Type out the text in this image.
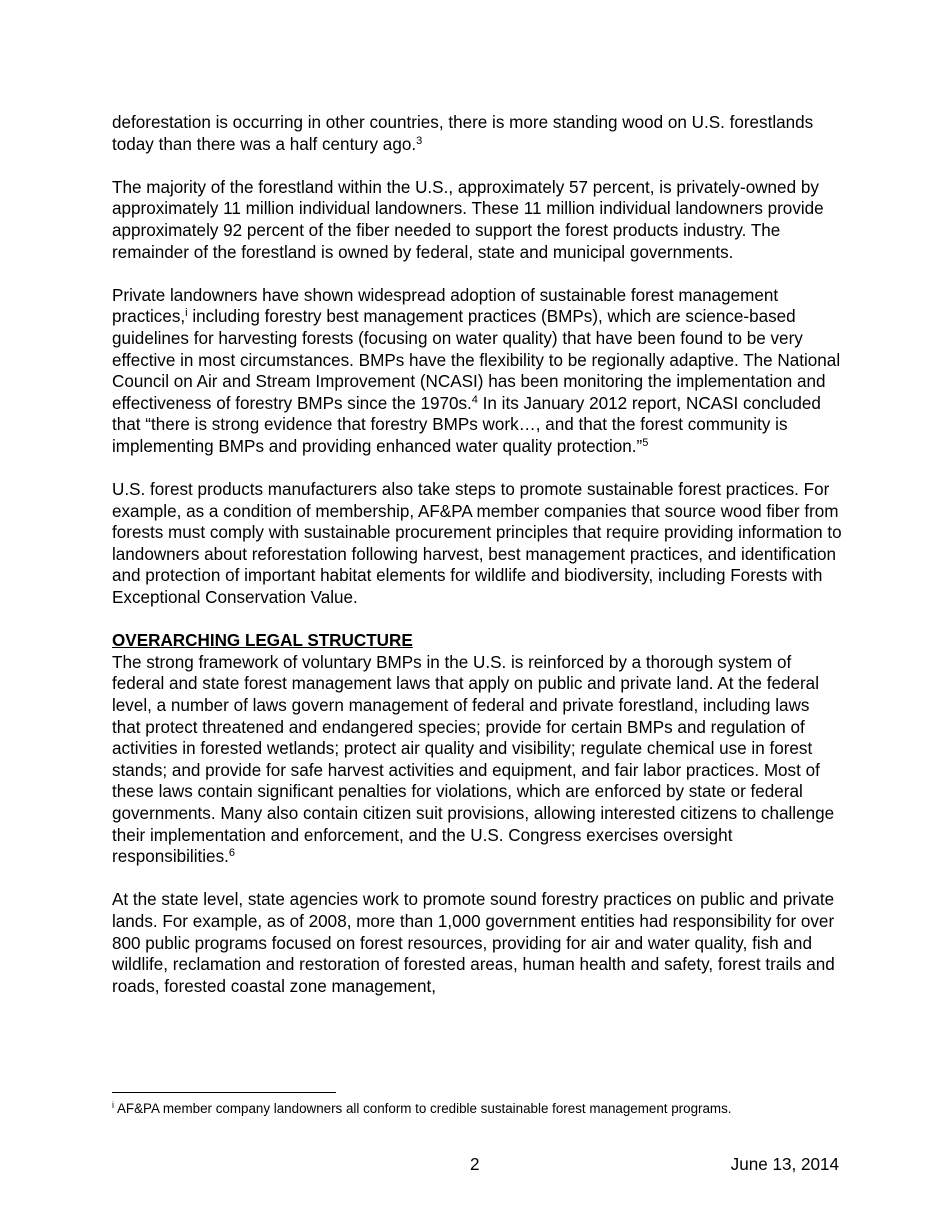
deforestation is occurring in other countries, there is more standing wood on U.S. forestlands today than there was a half century ago.$^3$

The majority of the forestland within the U.S., approximately 57 percent, is privately-owned by approximately 11 million individual landowners. These 11 million individual landowners provide approximately 92 percent of the fiber needed to support the forest products industry. The remainder of the forestland is owned by federal, state and municipal governments.

Private landowners have shown widespread adoption of sustainable forest management practices,$^i$ including forestry best management practices (BMPs), which are science-based guidelines for harvesting forests (focusing on water quality) that have been found to be very effective in most circumstances. BMPs have the flexibility to be regionally adaptive. The National Council on Air and Stream Improvement (NCASI) has been monitoring the implementation and effectiveness of forestry BMPs since the 1970s.$^4$ In its January 2012 report, NCASI concluded that “there is strong evidence that forestry BMPs work…, and that the forest community is implementing BMPs and providing enhanced water quality protection.”$^5$

U.S. forest products manufacturers also take steps to promote sustainable forest practices. For example, as a condition of membership, AF&PA member companies that source wood fiber from forests must comply with sustainable procurement principles that require providing information to landowners about reforestation following harvest, best management practices, and identification and protection of important habitat elements for wildlife and biodiversity, including Forests with Exceptional Conservation Value.

OVERARCHING LEGAL STRUCTURE

The strong framework of voluntary BMPs in the U.S. is reinforced by a thorough system of federal and state forest management laws that apply on public and private land. At the federal level, a number of laws govern management of federal and private forestland, including laws that protect threatened and endangered species; provide for certain BMPs and regulation of activities in forested wetlands; protect air quality and visibility; regulate chemical use in forest stands; and provide for safe harvest activities and equipment, and fair labor practices. Most of these laws contain significant penalties for violations, which are enforced by state or federal governments. Many also contain citizen suit provisions, allowing interested citizens to challenge their implementation and enforcement, and the U.S. Congress exercises oversight responsibilities.$^6$

At the state level, state agencies work to promote sound forestry practices on public and private lands. For example, as of 2008, more than 1,000 government entities had responsibility for over 800 public programs focused on forest resources, providing for air and water quality, fish and wildlife, reclamation and restoration of forested areas, human health and safety, forest trails and roads, forested coastal zone management,

$^i$ AF&PA member company landowners all conform to credible sustainable forest management programs.
2	June 13, 2014
